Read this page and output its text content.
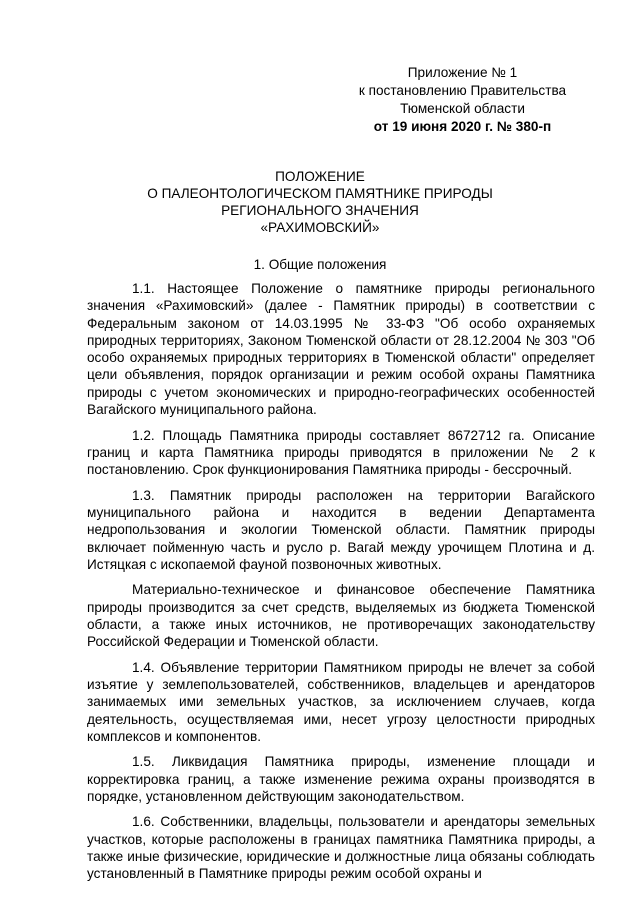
Приложение № 1
к постановлению Правительства
Тюменской области
от 19 июня 2020 г. № 380-п
ПОЛОЖЕНИЕ
О ПАЛЕОНТОЛОГИЧЕСКОМ ПАМЯТНИКЕ ПРИРОДЫ
РЕГИОНАЛЬНОГО ЗНАЧЕНИЯ
«РАХИМОВСКИЙ»
1. Общие положения

1.1. Настоящее Положение о памятнике природы регионального значения «Рахимовский» (далее - Памятник природы) в соответствии с Федеральным законом от 14.03.1995 № 33-ФЗ "Об особо охраняемых природных территориях, Законом Тюменской области от 28.12.2004 № 303 "Об особо охраняемых природных территориях в Тюменской области" определяет цели объявления, порядок организации и режим особой охраны Памятника природы с учетом экономических и природно-географических особенностей Вагайского муниципального района.

1.2. Площадь Памятника природы составляет 8672712 га. Описание границ и карта Памятника природы приводятся в приложении № 2 к постановлению. Срок функционирования Памятника природы - бессрочный.

1.3. Памятник природы расположен на территории Вагайского муниципального района и находится в ведении Департамента недропользования и экологии Тюменской области. Памятник природы включает пойменную часть и русло р. Вагай между урочищем Плотина и д. Истяцкая с ископаемой фауной позвоночных животных.

Материально-техническое и финансовое обеспечение Памятника природы производится за счет средств, выделяемых из бюджета Тюменской области, а также иных источников, не противоречащих законодательству Российской Федерации и Тюменской области.

1.4. Объявление территории Памятником природы не влечет за собой изъятие у землепользователей, собственников, владельцев и арендаторов занимаемых ими земельных участков, за исключением случаев, когда деятельность, осуществляемая ими, несет угрозу целостности природных комплексов и компонентов.

1.5. Ликвидация Памятника природы, изменение площади и корректировка границ, а также изменение режима охраны производятся в порядке, установленном действующим законодательством.

1.6. Собственники, владельцы, пользователи и арендаторы земельных участков, которые расположены в границах памятника Памятника природы, а также иные физические, юридические и должностные лица обязаны соблюдать установленный в Памятнике природы режим особой охраны и
